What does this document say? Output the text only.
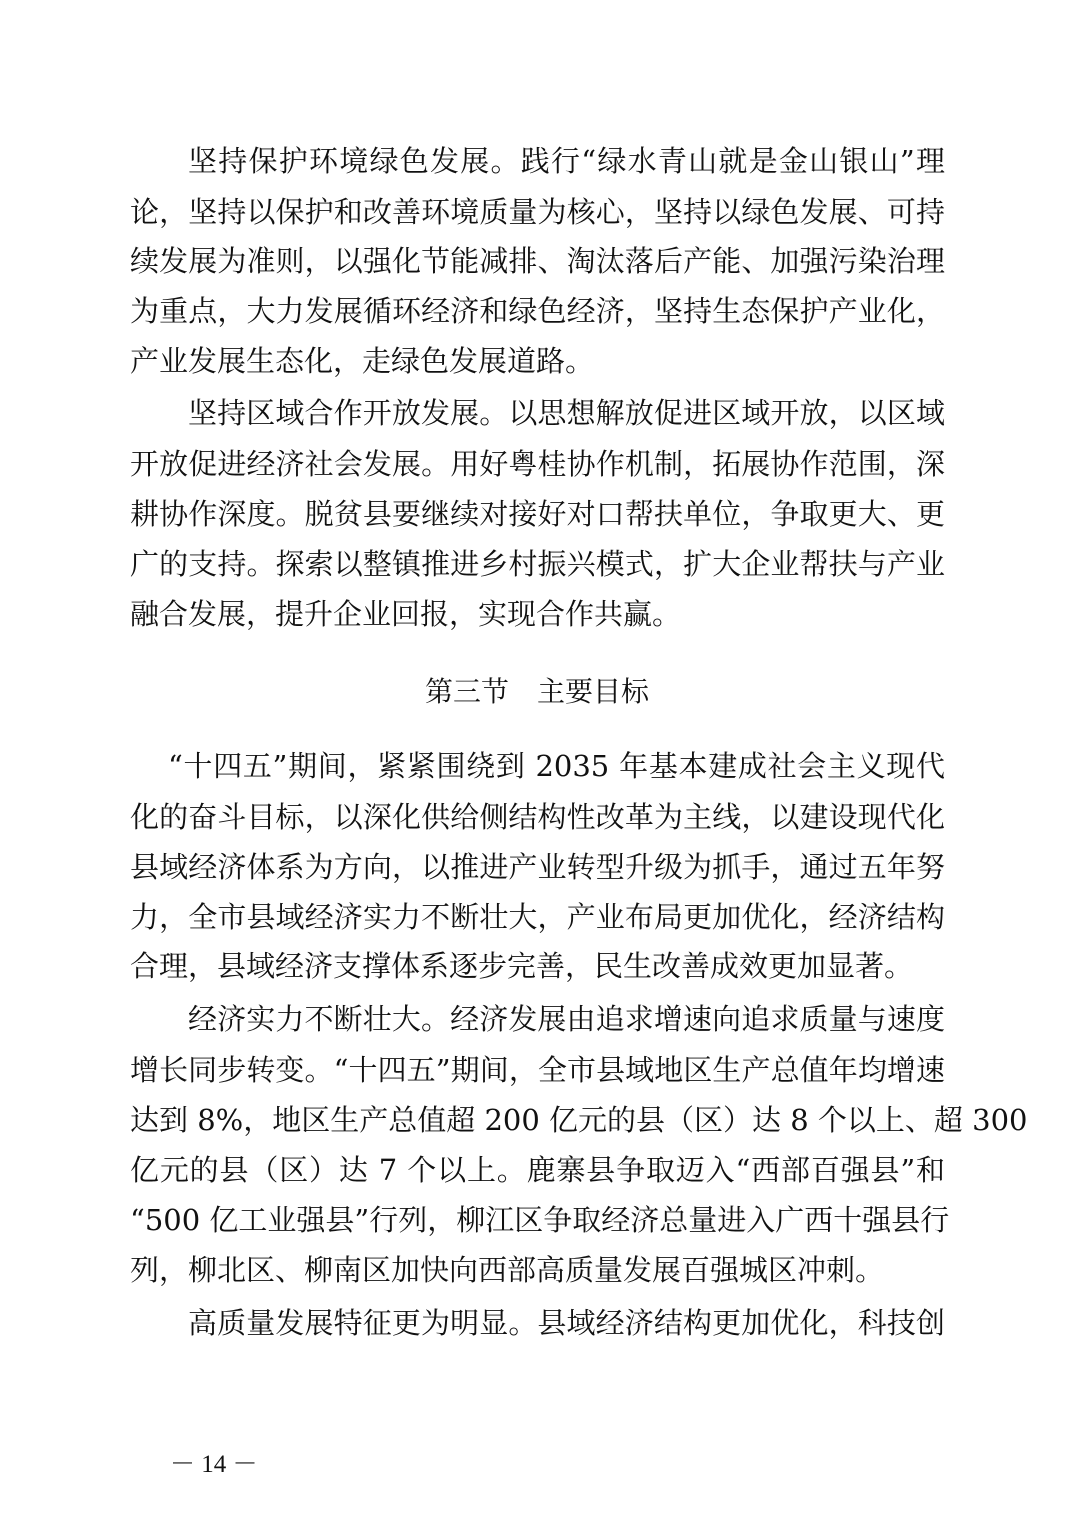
坚持保护环境绿色发展。践行“绿水青山就是金山银山”理
论，坚持以保护和改善环境质量为核心，坚持以绿色发展、可持
续发展为准则，以强化节能减排、淘汰落后产能、加强污染治理
为重点，大力发展循环经济和绿色经济，坚持生态保护产业化，
产业发展生态化，走绿色发展道路。
坚持区域合作开放发展。以思想解放促进区域开放，以区域
开放促进经济社会发展。用好粤桂协作机制，拓展协作范围，深
耕协作深度。脱贫县要继续对接好对口帮扶单位，争取更大、更
广的支持。探索以整镇推进乡村振兴模式，扩大企业帮扶与产业
融合发展，提升企业回报，实现合作共赢。
第三节　主要目标
“十四五”期间，紧紧围绕到 2035 年基本建成社会主义现代
化的奋斗目标，以深化供给侧结构性改革为主线，以建设现代化
县域经济体系为方向，以推进产业转型升级为抓手，通过五年努
力，全市县域经济实力不断壮大，产业布局更加优化，经济结构
合理，县域经济支撑体系逐步完善，民生改善成效更加显著。
经济实力不断壮大。经济发展由追求增速向追求质量与速度
增长同步转变。“十四五”期间，全市县域地区生产总值年均增速
达到 8%，地区生产总值超 200 亿元的县（区）达 8 个以上、超 300
亿元的县（区）达 7 个以上。鹿寨县争取迈入“西部百强县”和
“500 亿工业强县”行列，柳江区争取经济总量进入广西十强县行
列，柳北区、柳南区加快向西部高质量发展百强城区冲刺。
高质量发展特征更为明显。县域经济结构更加优化，科技创
－ 14 －
